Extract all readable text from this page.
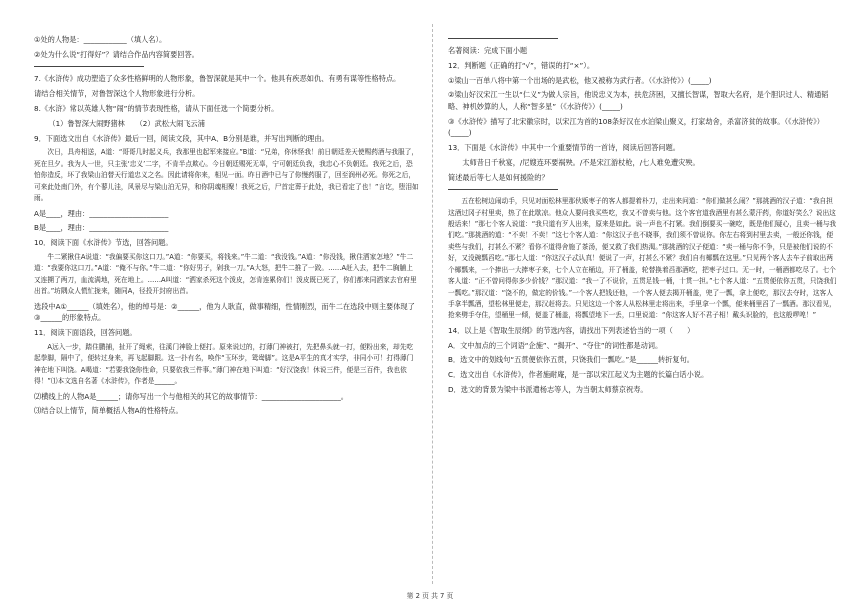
①处的人物是：____________（填人名）。

②处为什么说“打得好”？请结合作品内容简要回答。

7.《水浒传》成功塑造了众多性格鲜明的人物形象，鲁智深就是其中一个。他具有疾恶如仇、有勇有谋等性格特点。

请结合相关情节，对鲁智深这个人物形象进行分析。

8.《水浒》常以英雄人物“闹”的情节表现性格，请从下面任选一个简要分析。

（1）鲁智深大闹野猪林　　（2）武松大闹飞云浦

9．下面选文出自《水浒传》最后一回，阅读文段，其中A、B分别是谁，并写出判断的理由。

次日，具舟相送，A道：“哥哥几时起义兵，我那里也起军来接应。”B道：“兄弟，你休怪我！前日朝廷差天使赐药酒与我服了，死在旦夕。我为人一世，只主张‘忠义’二字，不肯半点欺心。今日朝廷赐死无辜，宁可朝廷负我，我忠心不负朝廷。我死之后，恐怕你造反，坏了我梁山泊替天行道忠义之名。因此请将你来，相见一面。昨日酒中已与了你慢药服了，回至润州必死。你死之后，可来此处南门外，有个蓼儿洼，风景尽与梁山泊无异，和你阴魂相聚！我死之后，尸首定葬于此处，我已看定了也！”言讫，堕泪如雨。

A是____，理由：______________________

B是____，理由：______________________

10．阅读下面《水浒传》节选，回答问题。

牛二紧揪住A说道：“我偏要买你这口刀。”A道：“你要买，将钱来。”牛二道：“我没钱。”A道：“你没钱，揪住洒家怎地？”牛二道：“我要你这口刀。”A道：“俺不与你。”牛二道：“你好男子，剁我一刀。”A大怒，把牛二推了一跤。……A赶入去，把牛二胸脯上又连搠了两刀，血流满地，死在地上。……A叫道：“洒家杀死这个泼皮，怎肯连累你们！泼皮既已死了，你们都来同洒家去官府里出首。”坊隅众人慌忙拢来，随同A，径投开封府出首。

选段中A①______（填姓名），他的绰号是：②______，他为人耿直，做事精细，性情刚烈，而牛二在选段中则主要体现了③______的形象特点。

11．阅读下面语段，回答问题。

A远入一步，踏住鹏捕，扯开了绳索，往溪门神脸上便打。原来说过的，打薄门神被打，先把鼻头就一打，便粉出来，却先吃起拳脚，隔中了，便转过身来，再飞起脚跟。这一扑有名，唤作“玉环步，鸳鸯脚”。这是A平生的真才实学，非同小可！打得薄门神在地下叫饶。A喝道：“若要我饶你性命，只要依我三件事。”薄门神在地下叫道：“好汉饶我！休说三件，便是三百件，我也依得！”⑴本文选自名著《水浒传》，作者是______。

⑵横线上的人物A是______；请你写出一个与他相关的其它的故事情节：______________________。

⑶结合以上情节，简单概括人物A的性格特点。

名著阅读：完成下面小题

12．判断题（正确的打“√”，错误的打“×”）。

①梁山一百单八将中第一个出场的是武松，他又被称为武行者。（《水浒传》）(_____)

②梁山好汉宋江一生以“仁义”为做人宗旨，他说忠义为本，扶危济困，又擅长智谋，智取大名府，是个胆识过人、精通韬略、神机妙算的人，人称“智多星”（《水浒传》）(_____)

③《水浒传》描写了北宋徽宗时，以宋江为首的108条好汉在水泊梁山聚义，打家劫舍，杀富济贫的故事。（《水浒传》）(_____)

13．下面是《水浒传》中其中一个重要情节的一首诗，阅读后回答问题。

太师昔日千秋宴，/尼嫂连环要祸殃。/不是宋江游杖枪，/七人难免遭灾殃。

简述最后等七人是如何援险的？

五在松树边闹动手，只见对面松林里那伙贩枣子的客人都提着朴刀，走出来问道：“你们做甚么闹？”那挑酒的汉子道：“我自担这酒过冈子村里卖，热了在此歇凉。他众人要问我买些吃，我又不曾卖与他。这个客官道我酒里有甚么蒙汗药，你道好笑么？说出这般话来！”那七个客人说道：“我只道有歹人出来，原来是如此。说一声也不打紧。我们倒要买一碗吃，既是他们疑心，且卖一桶与我们吃。”那挑酒的道：“不卖！不卖！”这七个客人道：“你这汉子也不晓事，我们须不曾说你。你左右将到村里去卖，一般还你钱，便卖些与我们，打甚么不紧？看你不道得舍施了茶汤，便又救了我们热渴。”那挑酒的汉子便道：“卖一桶与你不争，只是被他们说的不好，又没碗瓢舀吃。”那七人道：“你这汉子忒认真！便说了一声，打甚么不紧？我们自有椰瓢在这里。”只见两个客人去车子前取出两个椰瓢来，一个捧出一大捧枣子来，七个人立在桶边，开了桶盖，轮替换着舀那酒吃，把枣子过口。无一时，一桶酒都吃尽了。七个客人道：“正不曾问得你多少价钱？”那汉道：“我一了不说价，五贯足钱一桶，十贯一担。”七个客人道：“五贯便依你五贯，只饶我们一瓢吃。”那汉道：“饶不的，做定的价钱。”一个客人把钱还他，一个客人便去揭开桶盖，兜了一瓢，拿上便吃，那汉去夺时，这客人手拿半瓢酒，望松林里便走，那汉赶将去。只见这边一个客人从松林里走将出来，手里拿一个瓢，便来桶里舀了一瓢酒。那汉看见，抢来劈手夺住，望桶里一倾，便盖了桶盖，将瓢望地下一丢，口里说道：“你这客人好不君子相！戴头识脸的，也这般啰唣！”

14．以上是《智取生辰纲》的节选内容，请找出下列表述恰当的一项（　　）

A．文中加点的三个词语“企施”、“揭开”、“夺住”的词性都是动词。

B．选文中的划线句“五贯便依你五贯，只饶我们一瓢吃。”是______转折复句。

C．选文出自《水浒传》，作者施耐庵，是一部以宋江起义为主题的长篇白话小说。

D．选文的背景为梁中书派遣杨志等人，为当朝太师蔡京祝寿。

第 2 页 共 7 页
